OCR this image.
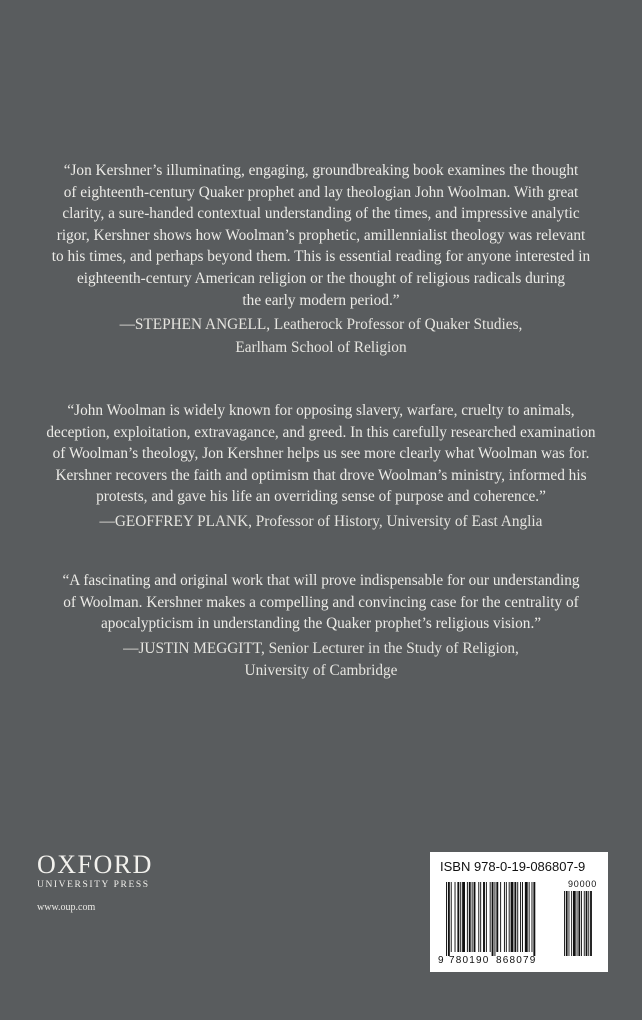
“Jon Kershner’s illuminating, engaging, groundbreaking book examines the thought
of eighteenth-century Quaker prophet and lay theologian John Woolman. With great
clarity, a sure-handed contextual understanding of the times, and impressive analytic
rigor, Kershner shows how Woolman’s prophetic, amillennialist theology was relevant
to his times, and perhaps beyond them. This is essential reading for anyone interested in
eighteenth-century American religion or the thought of religious radicals during
the early modern period.”

—STEPHEN ANGELL, Leatherock Professor of Quaker Studies,
Earlham School of Religion

“John Woolman is widely known for opposing slavery, warfare, cruelty to animals,
deception, exploitation, extravagance, and greed. In this carefully researched examination
of Woolman’s theology, Jon Kershner helps us see more clearly what Woolman was for.
Kershner recovers the faith and optimism that drove Woolman’s ministry, informed his
protests, and gave his life an overriding sense of purpose and coherence.”

—GEOFFREY PLANK, Professor of History, University of East Anglia

“A fascinating and original work that will prove indispensable for our understanding
of Woolman. Kershner makes a compelling and convincing case for the centrality of
apocalypticism in understanding the Quaker prophet’s religious vision.”

—JUSTIN MEGGITT, Senior Lecturer in the Study of Religion,
University of Cambridge

OXFORD
UNIVERSITY PRESS
www.oup.com
ISBN 978-0-19-086807-9
9 780190 868079
90000
